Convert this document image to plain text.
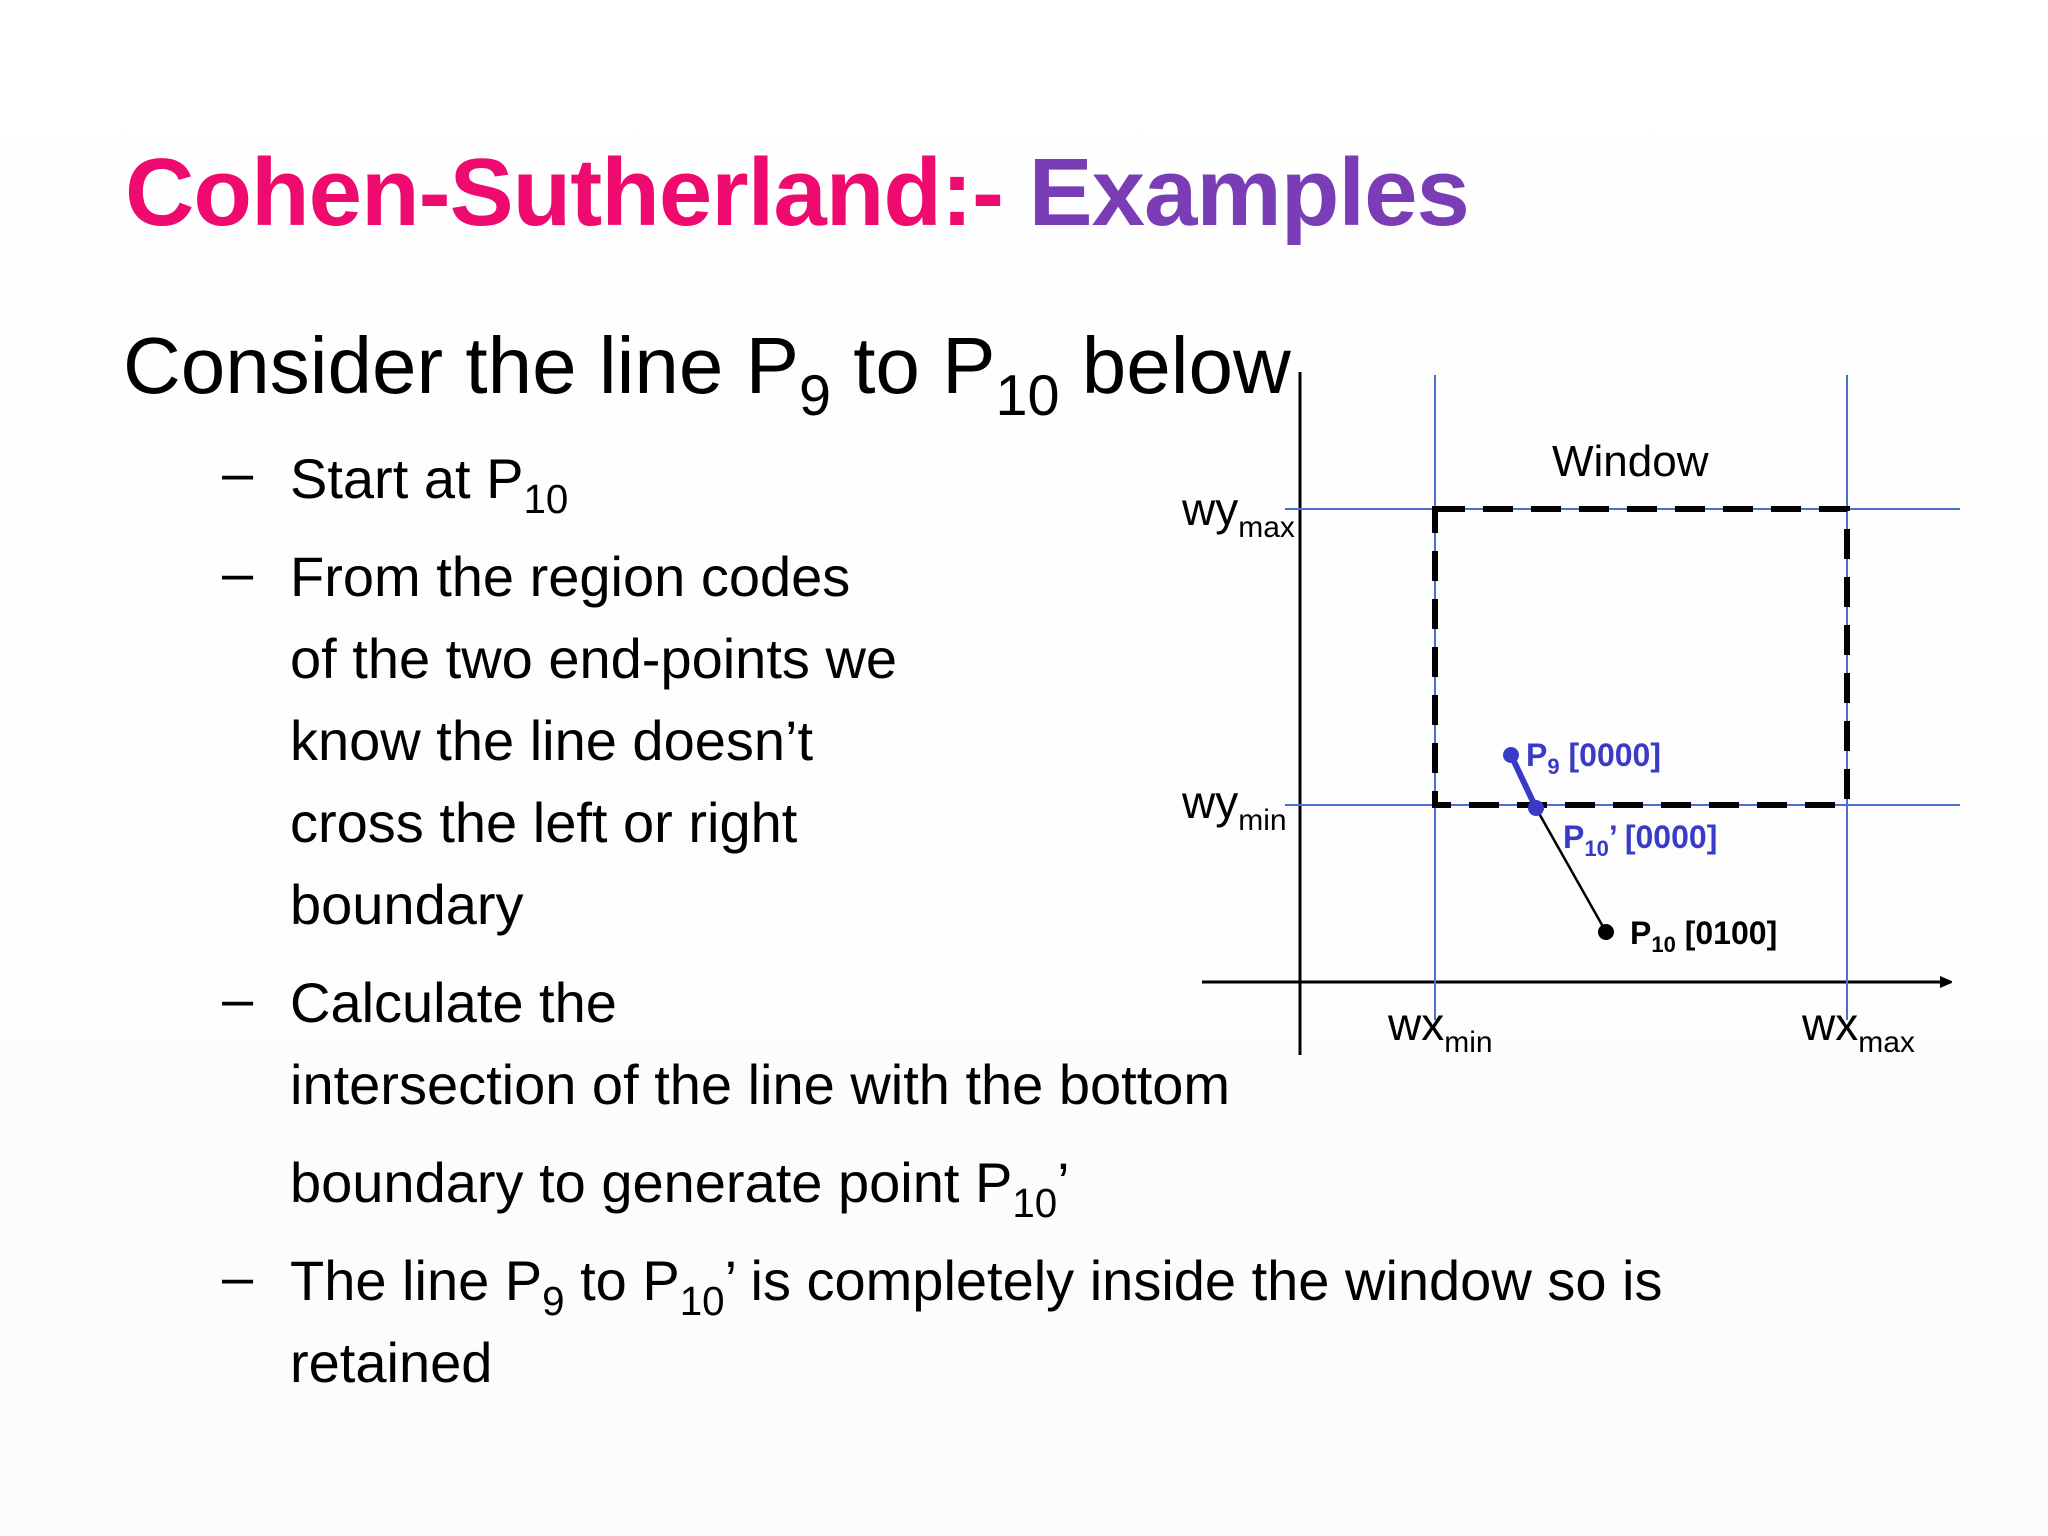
Cohen-Sutherland:- Examples
Consider the line $P_9$ to $P_{10}$ below
– Start at $P_{10}$
– From the region codes
of the two end-points we
know the line doesn’t
cross the left or right
boundary
– Calculate the
intersection of the line with the bottom
boundary to generate point $P_{10}$’
– The line $P_9$ to $P_{10}$’ is completely inside the window so is
retained
Window
$wy_{max}$
$wy_{min}$
$wx_{min}$	$wx_{max}$
$P_9$ [0000]
$P_{10}$’ [0000]
$P_{10}$ [0100]
